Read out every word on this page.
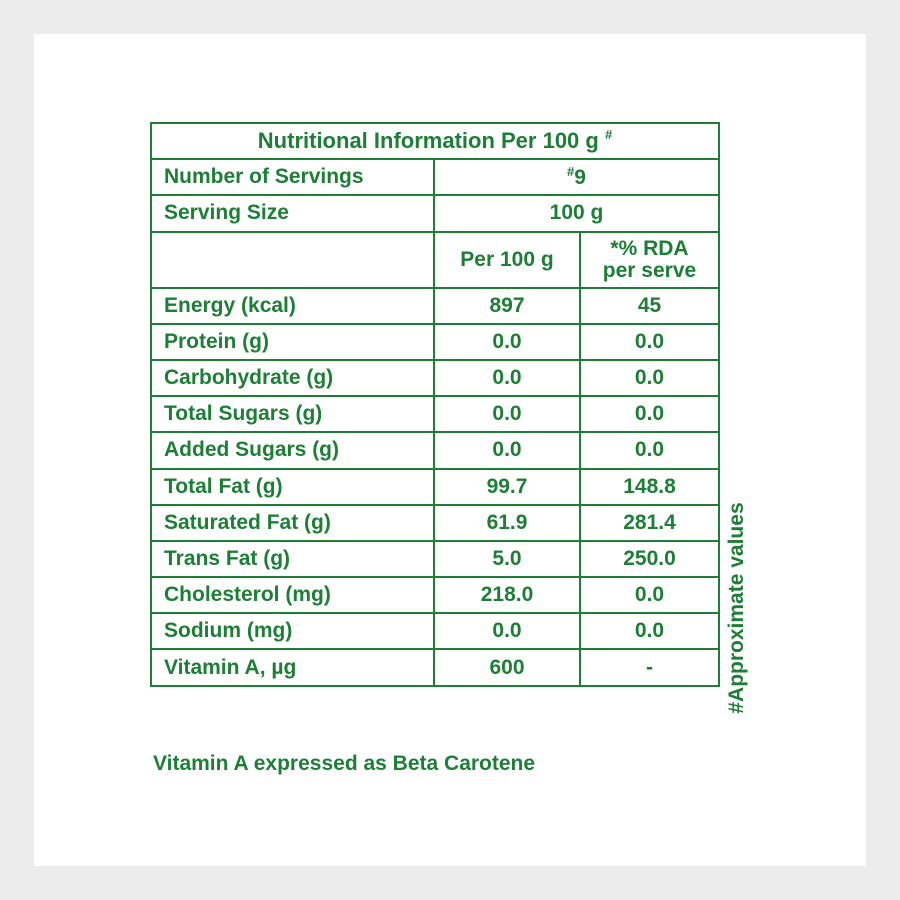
Nutritional Information Per 100 g #
Number of Servings	#9	
Serving Size	100 g	
	Per 100 g	*% RDA
per serve
Energy (kcal)	897	45
Protein (g)	0.0	0.0
Carbohydrate (g)	0.0	0.0
Total Sugars (g)	0.0	0.0
Added Sugars (g)	0.0	0.0
Total Fat (g)	99.7	148.8
Saturated Fat (g)	61.9	281.4
Trans Fat (g)	5.0	250.0
Cholesterol (mg)	218.0	0.0
Sodium (mg)	0.0	0.0
Vitamin A, µg	600	-
Vitamin A expressed as Beta Carotene
#Approximate values
